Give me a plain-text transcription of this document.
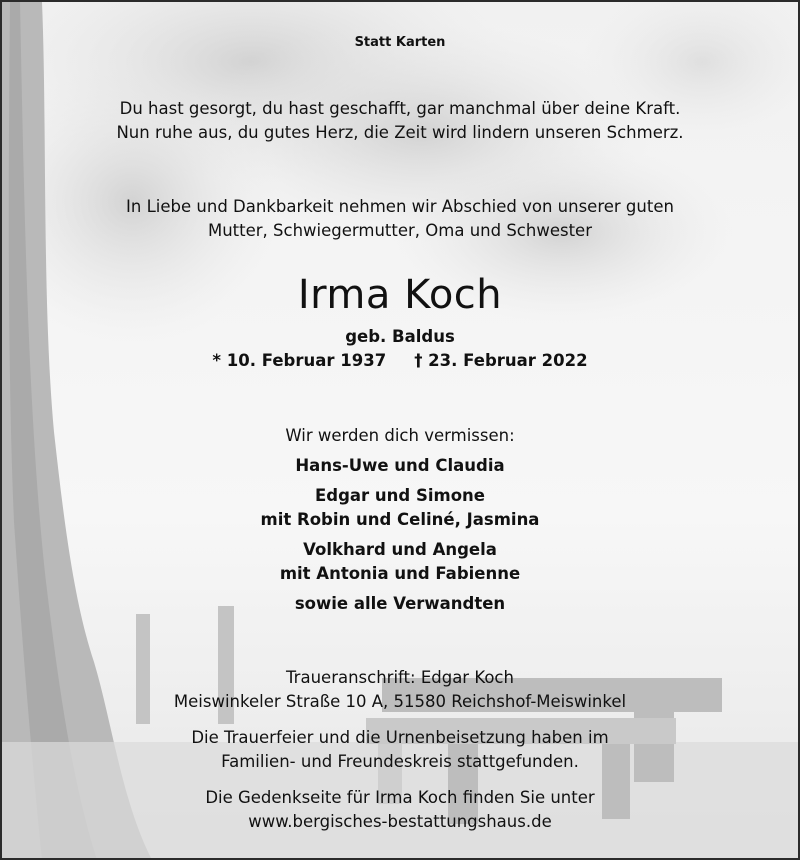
Statt Karten
Du hast gesorgt, du hast geschafft, gar manchmal über deine Kraft.
Nun ruhe aus, du gutes Herz, die Zeit wird lindern unseren Schmerz.
In Liebe und Dankbarkeit nehmen wir Abschied von unserer guten
Mutter, Schwiegermutter, Oma und Schwester
Irma Koch
geb. Baldus
* 10. Februar 1937 † 23. Februar 2022
Wir werden dich vermissen:
Hans-Uwe und Claudia
Edgar und Simone
mit Robin und Celiné, Jasmina
Volkhard und Angela
mit Antonia und Fabienne
sowie alle Verwandten
Traueranschrift: Edgar Koch
Meiswinkeler Straße 10 A, 51580 Reichshof-Meiswinkel
Die Trauerfeier und die Urnenbeisetzung haben im
Familien- und Freundeskreis stattgefunden.
Die Gedenkseite für Irma Koch finden Sie unter
www.bergisches-bestattungshaus.de
